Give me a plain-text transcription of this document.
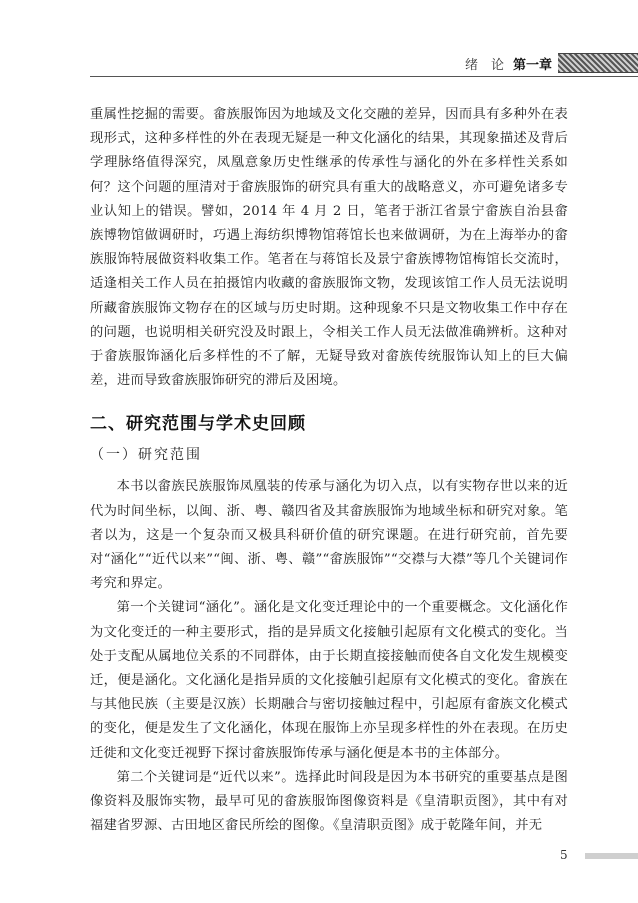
绪 论 第一章

重属性挖掘的需要。畲族服饰因为地域及文化交融的差异，因而具有多种外在表现形式，这种多样性的外在表现无疑是一种文化涵化的结果，其现象描述及背后学理脉络值得深究，凤凰意象历史性继承的传承性与涵化的外在多样性关系如何？这个问题的厘清对于畲族服饰的研究具有重大的战略意义，亦可避免诸多专业认知上的错误。譬如，2014 年 4 月 2 日，笔者于浙江省景宁畲族自治县畲族博物馆做调研时，巧遇上海纺织博物馆蒋馆长也来做调研，为在上海举办的畲族服饰特展做资料收集工作。笔者在与蒋馆长及景宁畲族博物馆梅馆长交流时，适逢相关工作人员在拍摄馆内收藏的畲族服饰文物，发现该馆工作人员无法说明所藏畲族服饰文物存在的区域与历史时期。这种现象不只是文物收集工作中存在的问题，也说明相关研究没及时跟上，令相关工作人员无法做准确辨析。这种对于畲族服饰涵化后多样性的不了解，无疑导致对畲族传统服饰认知上的巨大偏差，进而导致畲族服饰研究的滞后及困境。

二、研究范围与学术史回顾
（一）研究范围

本书以畲族民族服饰凤凰装的传承与涵化为切入点，以有实物存世以来的近代为时间坐标，以闽、浙、粤、赣四省及其畲族服饰为地域坐标和研究对象。笔者以为，这是一个复杂而又极具科研价值的研究课题。在进行研究前，首先要对“涵化”“近代以来”“闽、浙、粤、赣”“畲族服饰”“交襟与大襟”等几个关键词作考究和界定。

第一个关键词“涵化”。涵化是文化变迁理论中的一个重要概念。文化涵化作为文化变迁的一种主要形式，指的是异质文化接触引起原有文化模式的变化。当处于支配从属地位关系的不同群体，由于长期直接接触而使各自文化发生规模变迁，便是涵化。文化涵化是指异质的文化接触引起原有文化模式的变化。畲族在与其他民族（主要是汉族）长期融合与密切接触过程中，引起原有畲族文化模式的变化，便是发生了文化涵化，体现在服饰上亦呈现多样性的外在表现。在历史迁徙和文化变迁视野下探讨畲族服饰传承与涵化便是本书的主体部分。

第二个关键词是“近代以来”。选择此时间段是因为本书研究的重要基点是图像资料及服饰实物，最早可见的畲族服饰图像资料是《皇清职贡图》，其中有对福建省罗源、古田地区畲民所绘的图像。《皇清职贡图》成于乾隆年间，并无

5
